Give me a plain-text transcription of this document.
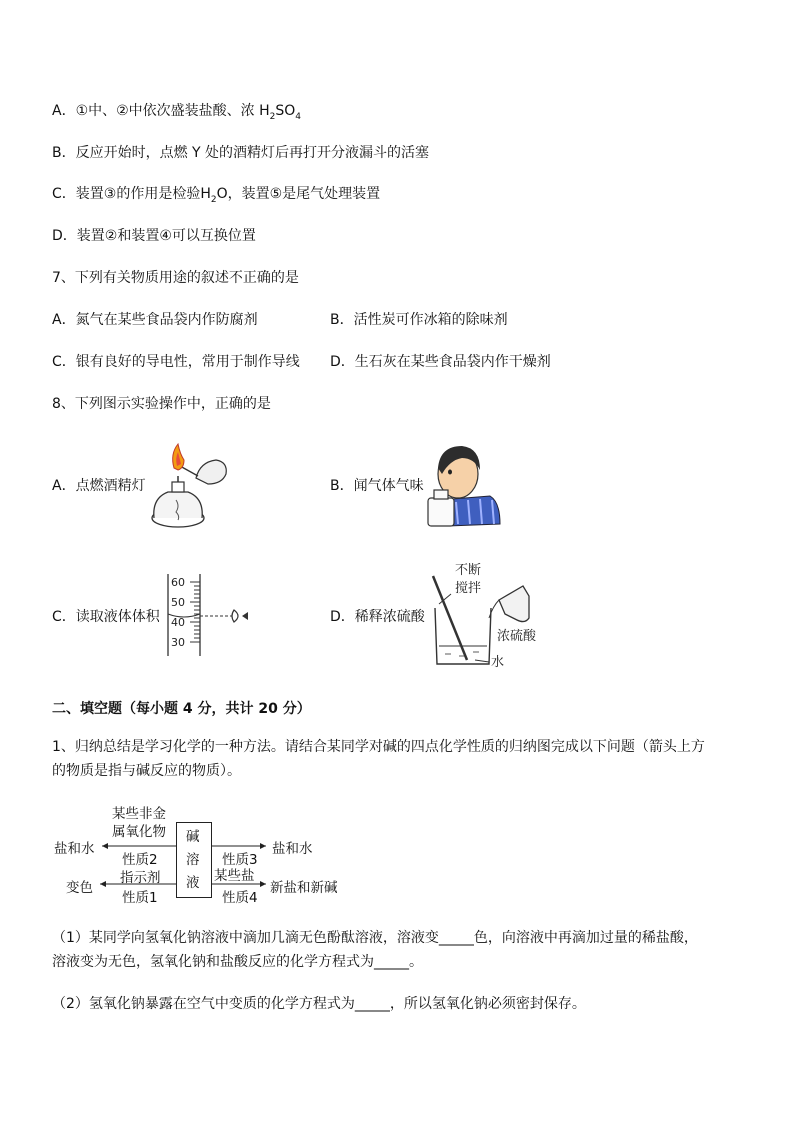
A．①中、②中依次盛装盐酸、浓 $H_2SO_4$
B．反应开始时，点燃 Y 处的酒精灯后再打开分液漏斗的活塞
C．装置③的作用是检验$H_2O$，装置⑤是尾气处理装置
D．装置②和装置④可以互换位置
7、下列有关物质用途的叙述不正确的是
A．氮气在某些食品袋内作防腐剂	B．活性炭可作冰箱的除味剂
C．银有良好的导电性，常用于制作导线 D．生石灰在某些食品袋内作干燥剂
8、下列图示实验操作中，正确的是
A．点燃酒精灯	B．闻气体气味
C．读取液体体积	D．稀释浓硫酸
60
50
40
30
不断
搅拌
浓硫酸
水
二、填空题（每小题 4 分，共计 20 分）
1、归纳总结是学习化学的一种方法。请结合某同学对碱的四点化学性质的归纳图完成以下问题（箭头上方
的物质是指与碱反应的物质）。
碱
溶
液
某些非金
属氧化物
盐和水
性质2
指示剂
变色
性质1
盐和水
性质3
某些盐
新盐和新碱
性质4
（1）某同学向氢氧化钠溶液中滴加几滴无色酚酞溶液，溶液变_____色，向溶液中再滴加过量的稀盐酸，
溶液变为无色，氢氧化钠和盐酸反应的化学方程式为_____。
（2）氢氧化钠暴露在空气中变质的化学方程式为_____，所以氢氧化钠必须密封保存。
